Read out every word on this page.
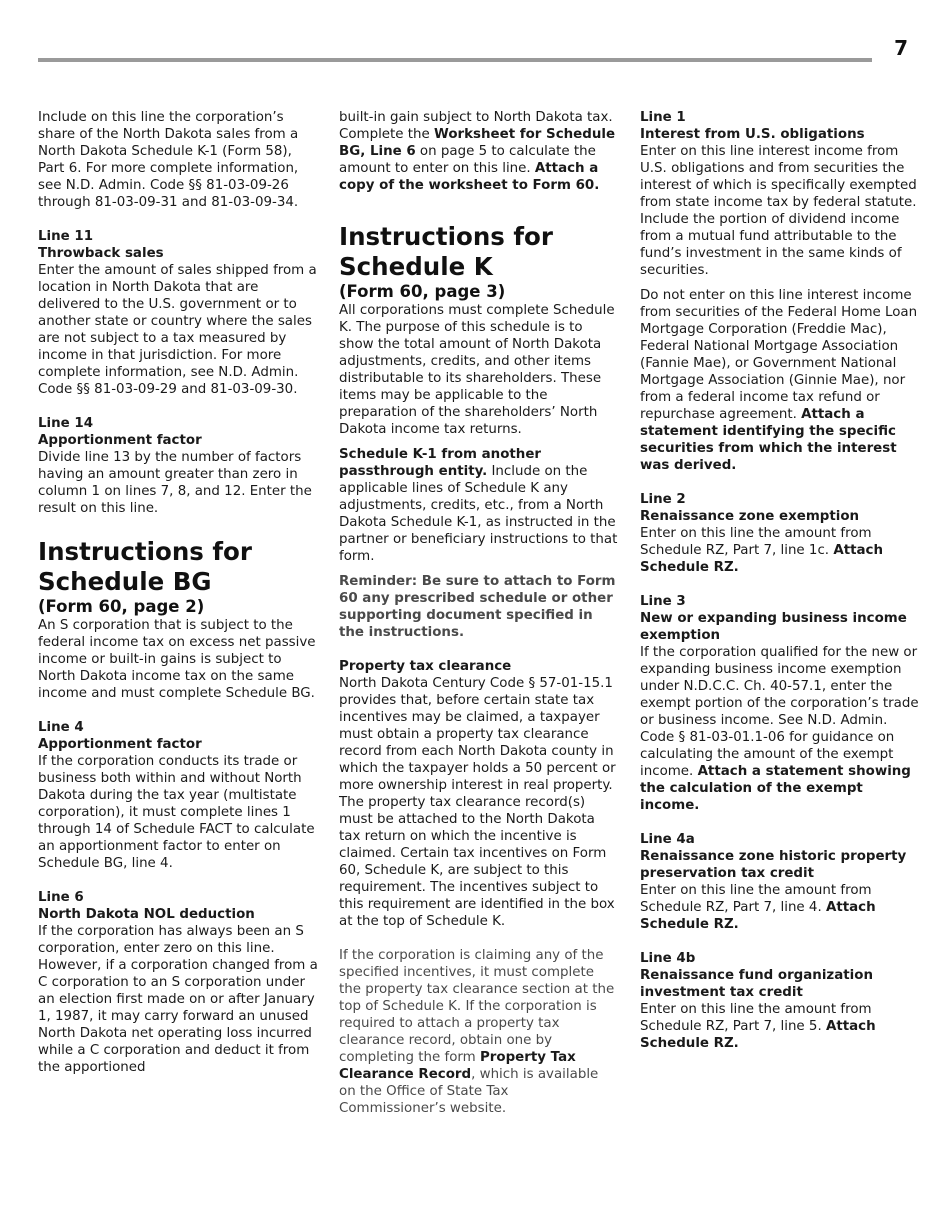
7

Include on this line the corporation’s share of the North Dakota sales from a North Dakota Schedule K-1 (Form 58), Part 6. For more complete information, see N.D. Admin. Code §§ 81-03-09-26 through 81-03-09-31 and 81-03-09-34.

Line 11
Throwback sales

Enter the amount of sales shipped from a location in North Dakota that are delivered to the U.S. government or to another state or country where the sales are not subject to a tax measured by income in that jurisdiction. For more complete information, see N.D. Admin. Code §§ 81-03-09-29 and 81-03-09-30.

Line 14
Apportionment factor

Divide line 13 by the number of factors having an amount greater than zero in column 1 on lines 7, 8, and 12. Enter the result on this line.

Instructions for
Schedule BG
(Form 60, page 2)

An S corporation that is subject to the federal income tax on excess net passive income or built-in gains is subject to North Dakota income tax on the same income and must complete Schedule BG.

Line 4
Apportionment factor

If the corporation conducts its trade or business both within and without North Dakota during the tax year (multistate corporation), it must complete lines 1 through 14 of Schedule FACT to calculate an apportionment factor to enter on Schedule BG, line 4.

Line 6
North Dakota NOL deduction

If the corporation has always been an S corporation, enter zero on this line. However, if a corporation changed from a C corporation to an S corporation under an election first made on or after January 1, 1987, it may carry forward an unused North Dakota net operating loss incurred while a C corporation and deduct it from the apportioned

built-in gain subject to North Dakota tax. Complete the Worksheet for Schedule BG, Line 6 on page 5 to calculate the amount to enter on this line. Attach a copy of the worksheet to Form 60.

Instructions for
Schedule K
(Form 60, page 3)

All corporations must complete Schedule K. The purpose of this schedule is to show the total amount of North Dakota adjustments, credits, and other items distributable to its shareholders. These items may be applicable to the preparation of the shareholders’ North Dakota income tax returns.

Schedule K-1 from another passthrough entity. Include on the applicable lines of Schedule K any adjustments, credits, etc., from a North Dakota Schedule K-1, as instructed in the partner or beneficiary instructions to that form.

Reminder: Be sure to attach to Form 60 any prescribed schedule or other supporting document specified in the instructions.

Property tax clearance

North Dakota Century Code § 57-01-15.1 provides that, before certain state tax incentives may be claimed, a taxpayer must obtain a property tax clearance record from each North Dakota county in which the taxpayer holds a 50 percent or more ownership interest in real property. The property tax clearance record(s) must be attached to the North Dakota tax return on which the incentive is claimed. Certain tax incentives on Form 60, Schedule K, are subject to this requirement. The incentives subject to this requirement are identified in the box at the top of Schedule K.

If the corporation is claiming any of the specified incentives, it must complete the property tax clearance section at the top of Schedule K. If the corporation is required to attach a property tax clearance record, obtain one by completing the form Property Tax Clearance Record, which is available on the Office of State Tax Commissioner’s website.

Line 1
Interest from U.S. obligations

Enter on this line interest income from U.S. obligations and from securities the interest of which is specifically exempted from state income tax by federal statute. Include the portion of dividend income from a mutual fund attributable to the fund’s investment in the same kinds of securities.

Do not enter on this line interest income from securities of the Federal Home Loan Mortgage Corporation (Freddie Mac), Federal National Mortgage Association (Fannie Mae), or Government National Mortgage Association (Ginnie Mae), nor from a federal income tax refund or repurchase agreement. Attach a statement identifying the specific securities from which the interest was derived.

Line 2
Renaissance zone exemption

Enter on this line the amount from Schedule RZ, Part 7, line 1c. Attach Schedule RZ.

Line 3
New or expanding business income exemption

If the corporation qualified for the new or expanding business income exemption under N.D.C.C. Ch. 40-57.1, enter the exempt portion of the corporation’s trade or business income. See N.D. Admin. Code § 81-03-01.1-06 for guidance on calculating the amount of the exempt income. Attach a statement showing the calculation of the exempt income.

Line 4a
Renaissance zone historic property preservation tax credit

Enter on this line the amount from Schedule RZ, Part 7, line 4. Attach Schedule RZ.

Line 4b
Renaissance fund organization investment tax credit

Enter on this line the amount from Schedule RZ, Part 7, line 5. Attach Schedule RZ.
